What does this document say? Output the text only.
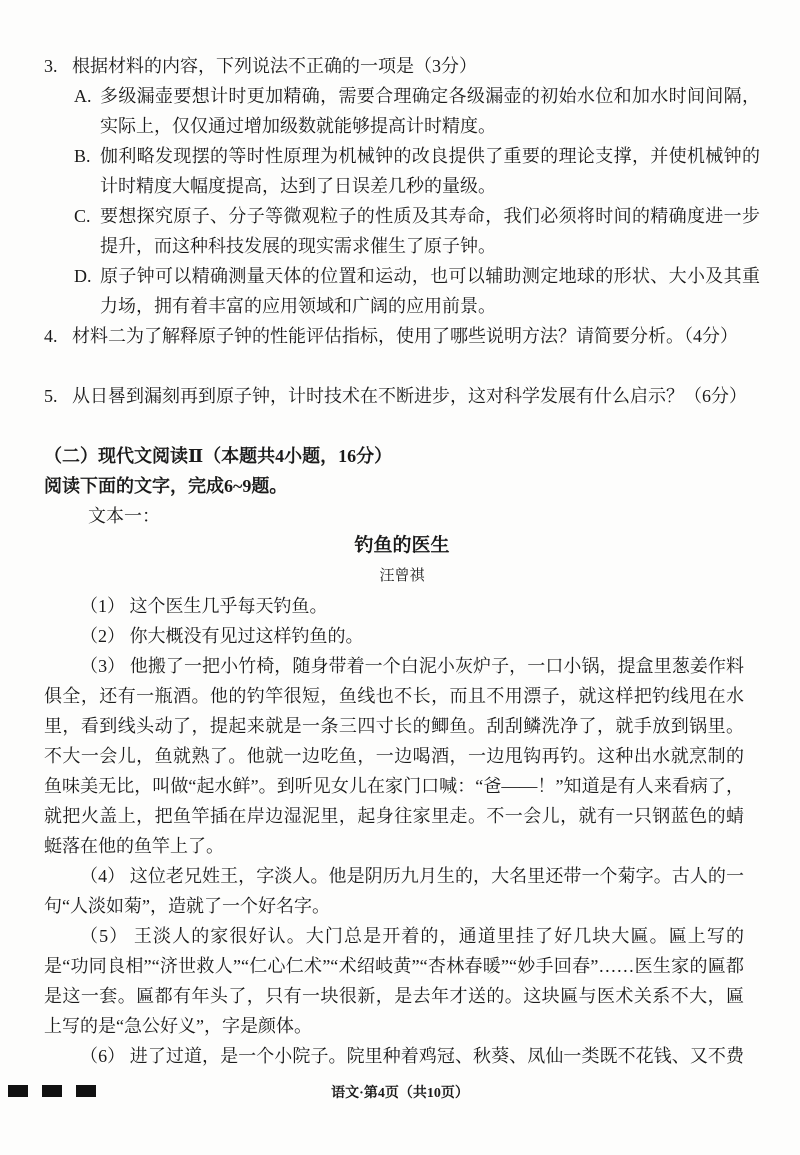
3. 根据材料的内容，下列说法不正确的一项是（3分）
A. 多级漏壶要想计时更加精确，需要合理确定各级漏壶的初始水位和加水时间间隔，实际上，仅仅通过增加级数就能够提高计时精度。
B. 伽利略发现摆的等时性原理为机械钟的改良提供了重要的理论支撑，并使机械钟的计时精度大幅度提高，达到了日误差几秒的量级。
C. 要想探究原子、分子等微观粒子的性质及其寿命，我们必须将时间的精确度进一步提升，而这种科技发展的现实需求催生了原子钟。
D. 原子钟可以精确测量天体的位置和运动，也可以辅助测定地球的形状、大小及其重力场，拥有着丰富的应用领域和广阔的应用前景。
4. 材料二为了解释原子钟的性能评估指标，使用了哪些说明方法？请简要分析。（4分）
5. 从日晷到漏刻再到原子钟，计时技术在不断进步，这对科学发展有什么启示？（6分）
（二）现代文阅读Ⅱ（本题共4小题，16分）
阅读下面的文字，完成6~9题。
文本一：
钓鱼的医生
汪曾祺

（1） 这个医生几乎每天钓鱼。

（2） 你大概没有见过这样钓鱼的。

（3） 他搬了一把小竹椅，随身带着一个白泥小灰炉子，一口小锅，提盒里葱姜作料俱全，还有一瓶酒。他的钓竿很短，鱼线也不长，而且不用漂子，就这样把钓线甩在水里，看到线头动了，提起来就是一条三四寸长的鲫鱼。刮刮鳞洗净了，就手放到锅里。不大一会儿，鱼就熟了。他就一边吃鱼，一边喝酒，一边甩钩再钓。这种出水就烹制的鱼味美无比，叫做“起水鲜”。到听见女儿在家门口喊：“爸——！”知道是有人来看病了，就把火盖上，把鱼竿插在岸边湿泥里，起身往家里走。不一会儿，就有一只钢蓝色的蜻蜓落在他的鱼竿上了。

（4） 这位老兄姓王，字淡人。他是阴历九月生的，大名里还带一个菊字。古人的一句“人淡如菊”，造就了一个好名字。

（5） 王淡人的家很好认。大门总是开着的，通道里挂了好几块大匾。匾上写的是“功同良相”“济世救人”“仁心仁术”“术绍岐黄”“杏林春暖”“妙手回春”……医生家的匾都是这一套。匾都有年头了，只有一块很新，是去年才送的。这块匾与医术关系不大，匾上写的是“急公好义”，字是颜体。

（6） 进了过道，是一个小院子。院里种着鸡冠、秋葵、凤仙一类既不花钱、又不费

语文·第4页（共10页）
